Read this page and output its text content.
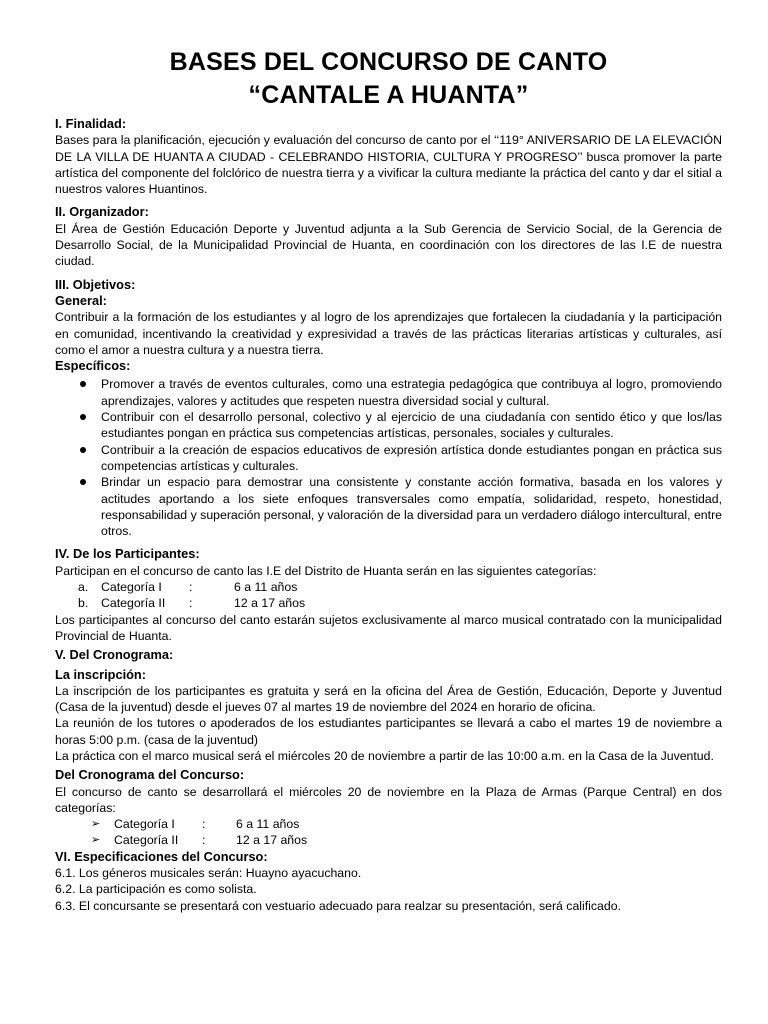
BASES DEL CONCURSO DE CANTO
“CANTALE A HUANTA”
I. Finalidad:
Bases para la planificación, ejecución y evaluación del concurso de canto por el ‘‘119° ANIVERSARIO DE LA ELEVACIÓN DE LA VILLA DE HUANTA A CIUDAD - CELEBRANDO HISTORIA, CULTURA Y PROGRESO’’ busca promover la parte artística del componente del folclórico de nuestra tierra y a vivificar la cultura mediante la práctica del canto y dar el sitial a nuestros valores Huantinos.
II. Organizador:
El Área de Gestión Educación Deporte y Juventud adjunta a la Sub Gerencia de Servicio Social, de la Gerencia de Desarrollo Social, de la Municipalidad Provincial de Huanta, en coordinación con los directores de las I.E de nuestra ciudad.
III. Objetivos:
General:
Contribuir a la formación de los estudiantes y al logro de los aprendizajes que fortalecen la ciudadanía y la participación en comunidad, incentivando la creatividad y expresividad a través de las prácticas literarias artísticas y culturales, así como el amor a nuestra cultura y a nuestra tierra.
Específicos:
Promover a través de eventos culturales, como una estrategia pedagógica que contribuya al logro, promoviendo aprendizajes, valores y actitudes que respeten nuestra diversidad social y cultural.
Contribuir con el desarrollo personal, colectivo y al ejercicio de una ciudadanía con sentido ético y que los/las estudiantes pongan en práctica sus competencias artísticas, personales, sociales y culturales.
Contribuir a la creación de espacios educativos de expresión artística donde estudiantes pongan en práctica sus competencias artísticas y culturales.
Brindar un espacio para demostrar una consistente y constante acción formativa, basada en los valores y actitudes aportando a los siete enfoques transversales como empatía, solidaridad, respeto, honestidad, responsabilidad y superación personal, y valoración de la diversidad para un verdadero diálogo intercultural, entre otros.
IV. De los Participantes:
Participan en el concurso de canto las I.E del Distrito de Huanta serán en las siguientes categorías:
a.	Categoría I	:	6 a 11 años
b.	Categoría II	:	12 a 17 años
Los participantes al concurso del canto estarán sujetos exclusivamente al marco musical contratado con la municipalidad Provincial de Huanta.
V. Del Cronograma:
La inscripción:
La inscripción de los participantes es gratuita y será en la oficina del Área de Gestión, Educación, Deporte y Juventud (Casa de la juventud) desde el jueves 07 al martes 19 de noviembre del 2024 en horario de oficina.
La reunión de los tutores o apoderados de los estudiantes participantes se llevará a cabo el martes 19 de noviembre a horas 5:00 p.m. (casa de la juventud)
La práctica con el marco musical será el miércoles 20 de noviembre a partir de las 10:00 a.m. en la Casa de la Juventud.
Del Cronograma del Concurso:
El concurso de canto se desarrollará el miércoles 20 de noviembre en la Plaza de Armas (Parque Central) en dos categorías:
➢	Categoría I	:	6 a 11 años
➢	Categoría II	:	12 a 17 años
VI. Especificaciones del Concurso:
6.1. Los géneros musicales serán: Huayno ayacuchano.
6.2. La participación es como solista.
6.3. El concursante se presentará con vestuario adecuado para realzar su presentación, será calificado.
